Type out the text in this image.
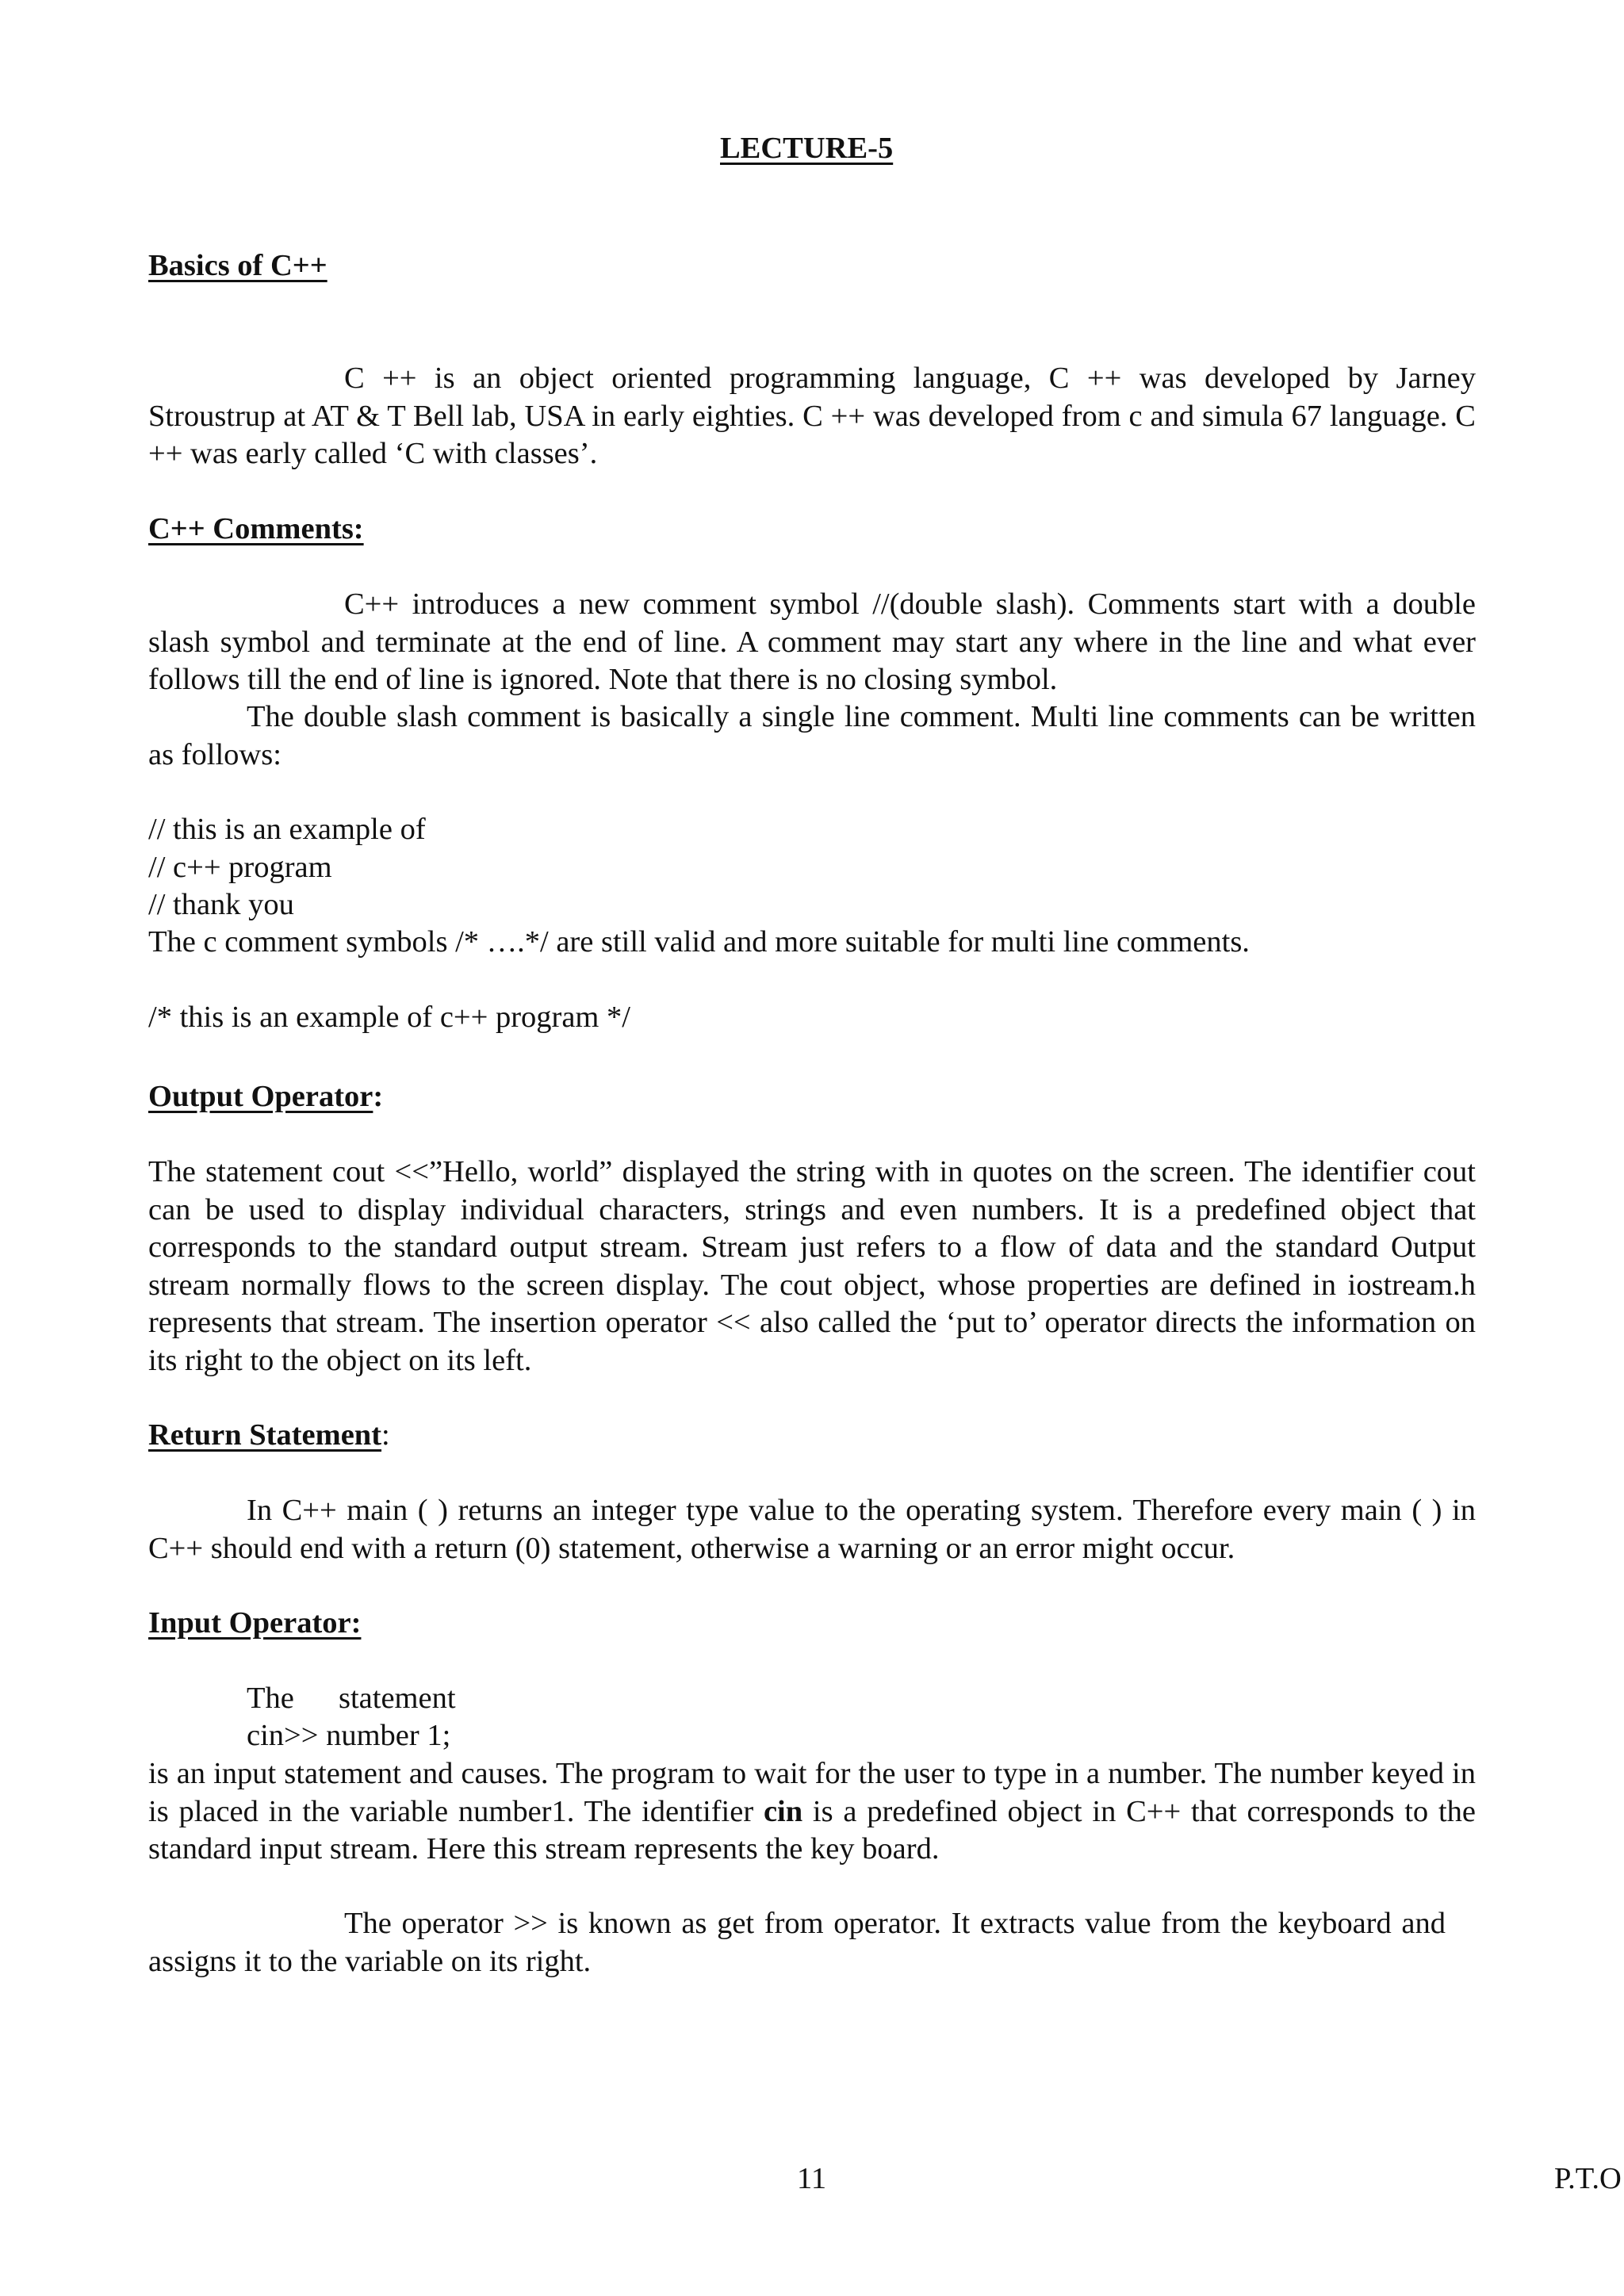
LECTURE-5

Basics of C++

C ++ is an object oriented programming language, C ++ was developed by Jarney Stroustrup at AT & T Bell lab, USA in early eighties. C ++ was developed from c and simula 67 language. C ++ was early called ‘C with classes’.

C++ Comments:

C++ introduces a new comment symbol //(double slash). Comments start with a double slash symbol and terminate at the end of line. A comment may start any where in the line and what ever follows till the end of line is ignored. Note that there is no closing symbol.

The double slash comment is basically a single line comment. Multi line comments can be written as follows:

// this is an example of

// c++ program

// thank you

The c comment symbols /* ….*/ are still valid and more suitable for multi line comments.

/* this is an example of c++ program */

Output Operator:

The statement cout <<”Hello, world” displayed the string with in quotes on the screen. The identifier cout can be used to display individual characters, strings and even numbers. It is a predefined object that corresponds to the standard output stream. Stream just refers to a flow of data and the standard Output stream normally flows to the screen display. The cout object, whose properties are defined in iostream.h represents that stream. The insertion operator << also called the ‘put to’ operator directs the information on its right to the object on its left.

Return Statement:

In C++ main ( ) returns an integer type value to the operating system. Therefore every main ( ) in C++ should end with a return (0) statement, otherwise a warning or an error might occur.

Input Operator:

The statement

cin>> number 1;

is an input statement and causes. The program to wait for the user to type in a number. The number keyed in is placed in the variable number1. The identifier cin is a predefined object in C++ that corresponds to the standard input stream. Here this stream represents the key board.

The operator >> is known as get from operator. It extracts value from the keyboard and assigns it to the variable on its right.

11	P.T.O
